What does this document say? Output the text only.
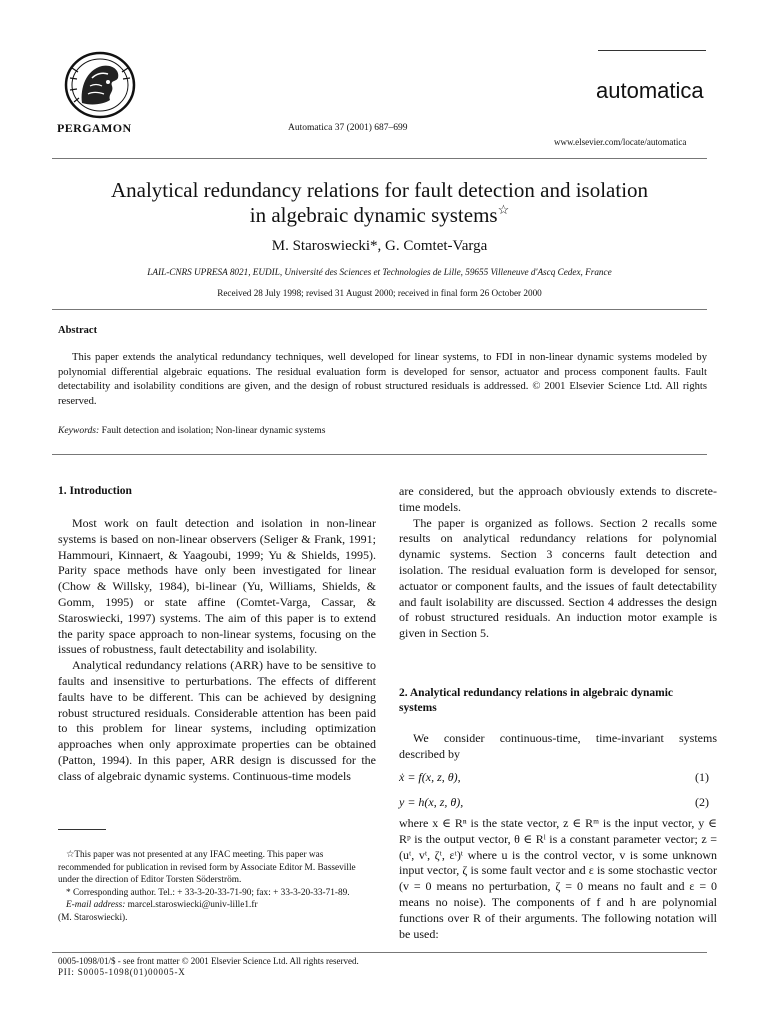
PERGAMON	Automatica 37 (2001) 687–699
automatica
www.elsevier.com/locate/automatica
Analytical redundancy relations for fault detection and isolation
in algebraic dynamic systems☆
M. Staroswiecki*, G. Comtet-Varga
LAIL-CNRS UPRESA 8021, EUDIL, Université des Sciences et Technologies de Lille, 59655 Villeneuve d'Ascq Cedex, France
Received 28 July 1998; revised 31 August 2000; received in final form 26 October 2000
Abstract
This paper extends the analytical redundancy techniques, well developed for linear systems, to FDI in non-linear dynamic systems modeled by polynomial differential algebraic equations. The residual evaluation form is developed for sensor, actuator and process component faults. Fault detectability and isolability conditions are given, and the design of robust structured residuals is addressed. © 2001 Elsevier Science Ltd. All rights reserved.
Keywords: Fault detection and isolation; Non-linear dynamic systems
1. Introduction

Most work on fault detection and isolation in non-linear systems is based on non-linear observers (Seliger & Frank, 1991; Hammouri, Kinnaert, & Yaagoubi, 1999; Yu & Shields, 1995). Parity space methods have only been investigated for linear (Chow & Willsky, 1984), bi-linear (Yu, Williams, Shields, & Gomm, 1995) or state affine (Comtet-Varga, Cassar, & Staroswiecki, 1997) systems. The aim of this paper is to extend the parity space approach to non-linear systems, focusing on the issues of robustness, fault detectability and isolability.

Analytical redundancy relations (ARR) have to be sensitive to faults and insensitive to perturbations. The effects of different faults have to be different. This can be achieved by designing robust structured residuals. Considerable attention has been paid to this problem for linear systems, including optimization approaches when only approximate properties can be obtained (Patton, 1994). In this paper, ARR design is discussed for the class of algebraic dynamic systems. Continuous-time models

are considered, but the approach obviously extends to discrete-time models.

The paper is organized as follows. Section 2 recalls some results on analytical redundancy relations for polynomial dynamic systems. Section 3 concerns fault detection and isolation. The residual evaluation form is developed for sensor, actuator or component faults, and the issues of fault detectability and fault isolability are discussed. Section 4 addresses the design of robust structured residuals. An induction motor example is given in Section 5.

2. Analytical redundancy relations in algebraic dynamic systems

We consider continuous-time, time-invariant systems described by

ẋ = f(x, z, θ),	(1)
y = h(x, z, θ),	(2)

where x ∈ Rⁿ is the state vector, z ∈ Rᵐ is the input vector, y ∈ Rᵖ is the output vector, θ ∈ Rˡ is a constant parameter vector; z = (uᵗ, vᵗ, ζᵗ, εᵗ)ᵗ where u is the control vector, v is some unknown input vector, ζ is some fault vector and ε is some stochastic vector (v = 0 means no perturbation, ζ = 0 means no fault and ε = 0 means no noise). The components of f and h are polynomial functions over R of their arguments. The following notation will be used:

☆This paper was not presented at any IFAC meeting. This paper was recommended for publication in revised form by Associate Editor M. Basseville under the direction of Editor Torsten Söderström.
* Corresponding author. Tel.: + 33-3-20-33-71-90; fax: + 33-3-20-33-71-89.
E-mail address: marcel.staroswiecki@univ-lille1.fr
(M. Staroswiecki).
0005-1098/01/$ - see front matter © 2001 Elsevier Science Ltd. All rights reserved.
PII: S0005-1098(01)00005-X
